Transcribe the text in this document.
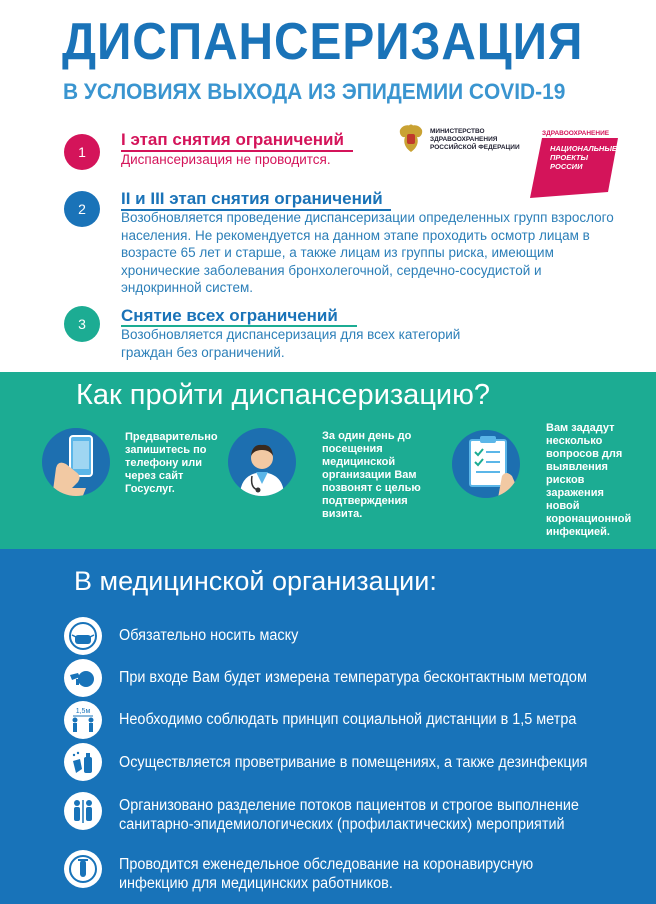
ДИСПАНСЕРИЗАЦИЯ
В УСЛОВИЯХ ВЫХОДА ИЗ ЭПИДЕМИИ COVID-19
МИНИСТЕРСТВО
ЗДРАВООХРАНЕНИЯ
РОССИЙСКОЙ ФЕДЕРАЦИИ
ЗДРАВООХРАНЕНИЕ
НАЦИОНАЛЬНЫЕ
ПРОЕКТЫ
РОССИИ
1
I этап снятия ограничений
Диспансеризация не проводится.
2
II и III этап снятия ограничений
Возобновляется проведение диспансеризации определенных групп взрослого населения. Не рекомендуется на данном этапе проходить осмотр лицам в возрасте 65 лет и старше, а также лицам из группы риска, имеющим хронические заболевания бронхолегочной, сердечно-сосудистой и эндокринной систем.
3	Снятие всех ограничений
Возобновляется диспансеризация для всех категорий граждан без ограничений.
Как пройти диспансеризацию?
Предварительно запишитесь по телефону или через сайт Госуслуг.
За один день до посещения медицинской организации Вам позвонят с целью подтверждения визита.
Вам зададут несколько вопросов для выявления рисков заражения новой коронационной инфекцией.
В медицинской организации:
Обязательно носить маску
При входе Вам будет измерена температура бесконтактным методом
1,5м Необходимо соблюдать принцип социальной дистанции в 1,5 метра
Осуществляется проветривание в помещениях, а также дезинфекция
Организовано разделение потоков пациентов и строгое выполнение санитарно-эпидемиологических (профилактических) мероприятий
Проводится еженедельное обследование на коронавирусную инфекцию для медицинских работников.
